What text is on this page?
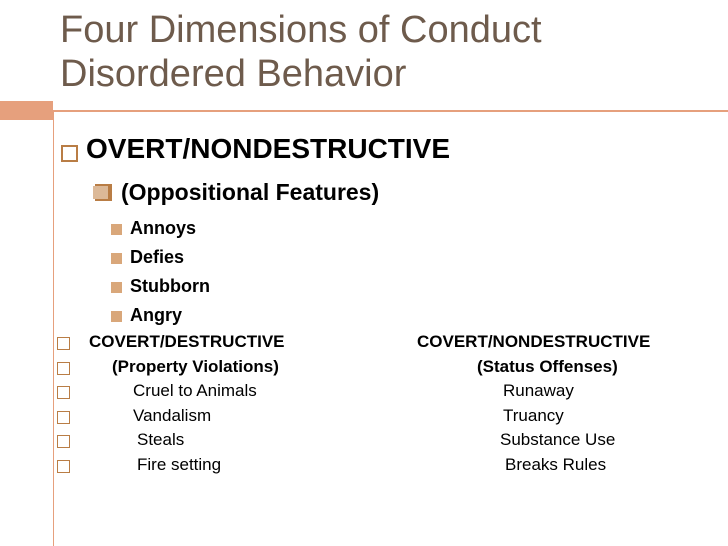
Four Dimensions of Conduct
Disordered Behavior
OVERT/NONDESTRUCTIVE
(Oppositional Features)
Annoys
Defies
Stubborn
Angry
COVERT/DESTRUCTIVE	COVERT/NONDESTRUCTIVE
(Property Violations)	(Status Offenses)
Cruel to Animals	Runaway
Vandalism	Truancy
Steals	Substance Use
Fire setting	Breaks Rules
